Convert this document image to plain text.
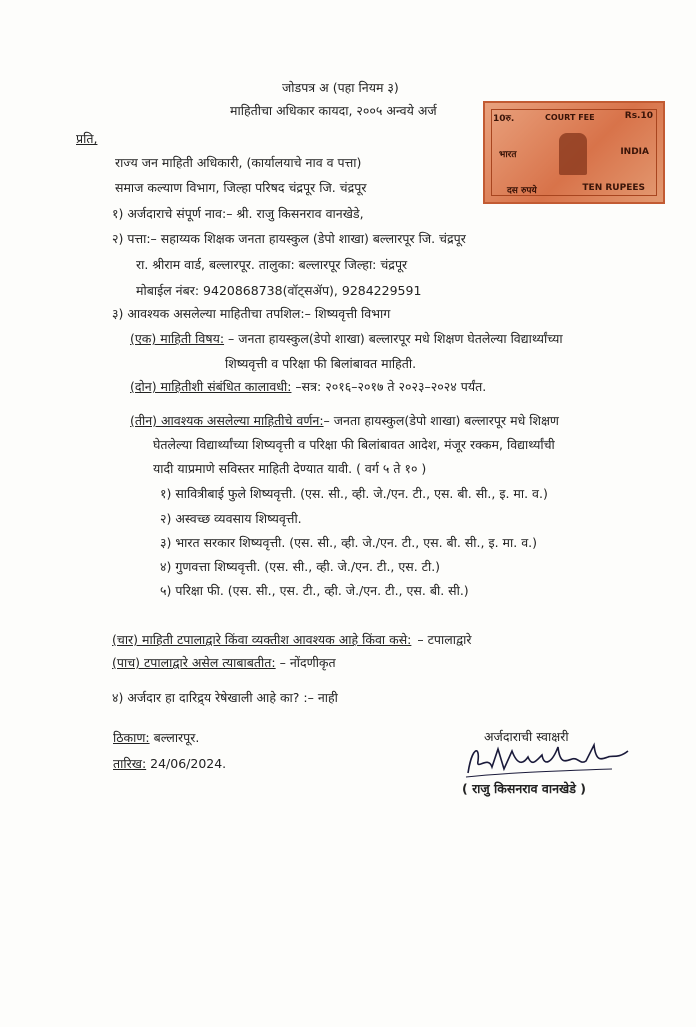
जोडपत्र अ (पहा नियम ३)
माहितीचा अधिकार कायदा, २००५ अन्वये अर्ज
10रु.	Rs.10
COURT FEE
भारत	INDIA
दस रुपये	TEN RUPEES
प्रति,
राज्य जन माहिती अधिकारी, (कार्यालयाचे नाव व पत्ता)
समाज कल्याण विभाग, जिल्हा परिषद चंद्रपूर जि. चंद्रपूर
१) अर्जदाराचे संपूर्ण नाव:– श्री. राजु किसनराव वानखेडे,
२) पत्ता:– सहाय्यक शिक्षक जनता हायस्कुल (डेपो शाखा) बल्लारपूर जि. चंद्रपूर
रा. श्रीराम वार्ड, बल्लारपूर. तालुका: बल्लारपूर जिल्हा: चंद्रपूर
मोबाईल नंबर: 9420868738(वॉट्सॲप), 9284229591
३) आवश्यक असलेल्या माहितीचा तपशिल:– शिष्यवृत्ती विभाग
(एक) माहिती विषय: – जनता हायस्कुल(डेपो शाखा) बल्लारपूर मधे शिक्षण घेतलेल्या विद्यार्थ्यांच्या
शिष्यवृत्ती व परिक्षा फी बिलांबावत माहिती.
(दोन) माहितीशी संबंधित कालावधी: –सत्र: २०१६–२०१७ ते २०२३–२०२४ पर्यंत.
(तीन) आवश्यक असलेल्या माहितीचे वर्णन:– जनता हायस्कुल(डेपो शाखा) बल्लारपूर मधे शिक्षण
घेतलेल्या विद्यार्थ्यांच्या शिष्यवृत्ती व परिक्षा फी बिलांबावत आदेश, मंजूर रक्कम, विद्यार्थ्यांची
यादी याप्रमाणे सविस्तर माहिती देण्यात यावी. ( वर्ग ५ ते १० )
१) सावित्रीबाई फुले शिष्यवृत्ती. (एस. सी., व्ही. जे./एन. टी., एस. बी. सी., इ. मा. व.)
२) अस्वच्छ व्यवसाय शिष्यवृत्ती.
३) भारत सरकार शिष्यवृत्ती. (एस. सी., व्ही. जे./एन. टी., एस. बी. सी., इ. मा. व.)
४) गुणवत्ता शिष्यवृत्ती. (एस. सी., व्ही. जे./एन. टी., एस. टी.)
५) परिक्षा फी. (एस. सी., एस. टी., व्ही. जे./एन. टी., एस. बी. सी.)
(चार) माहिती टपालाद्वारे किंवा व्यक्तीश आवश्यक आहे किंवा कसे: – टपालाद्वारे
(पाच) टपालाद्वारे असेल त्याबाबतीत: – नोंदणीकृत
४) अर्जदार हा दारिद्र्य रेषेखाली आहे का? :– नाही
अर्जदाराची स्वाक्षरी
( राजु किसनराव वानखेडे )
ठिकाण: बल्लारपूर.
तारिख: 24/06/2024.
